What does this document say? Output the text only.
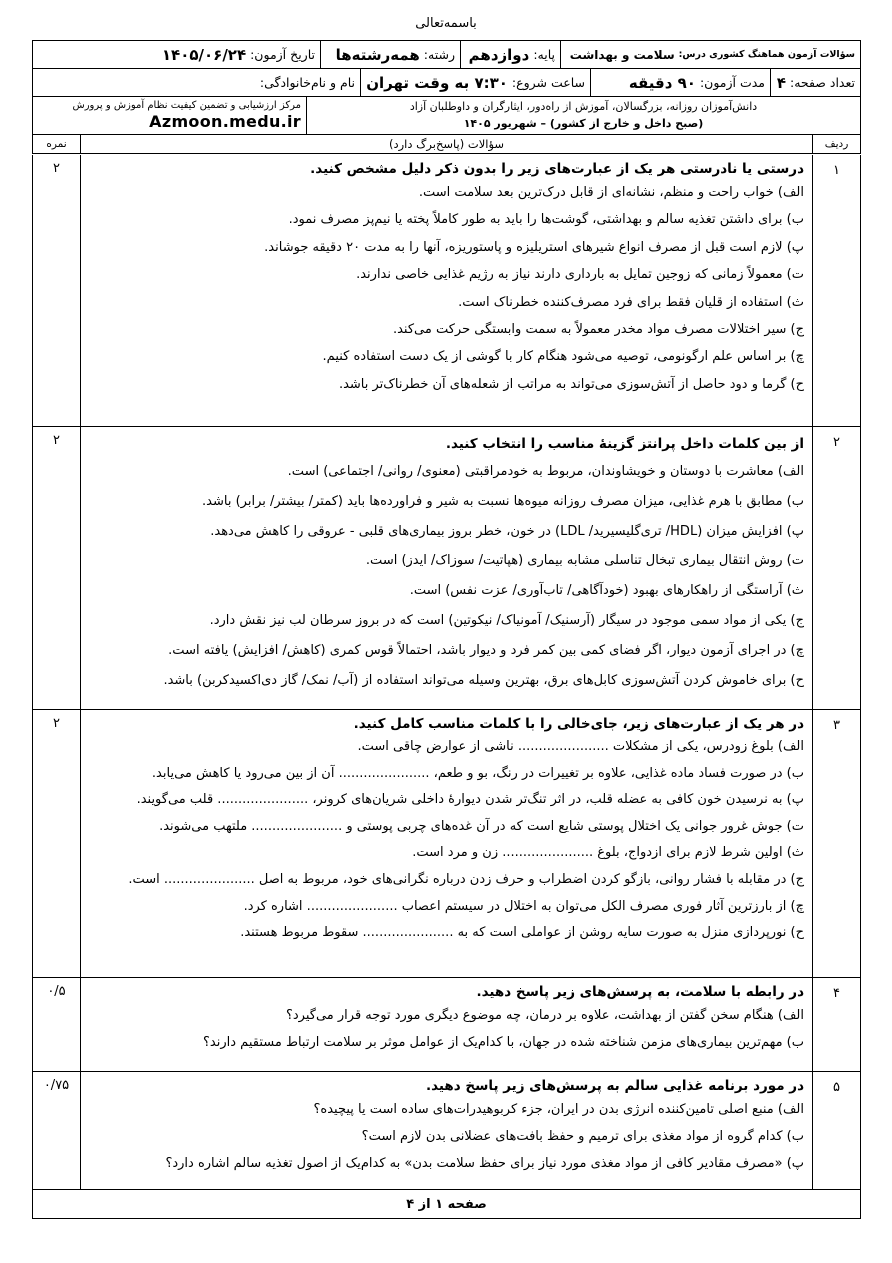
باسمه‌تعالی
سؤالات آزمون هماهنگ کشوری درس:

سلامت و بهداشت
پایه:

دوازدهم
رشته:

همه‌رشته‌ها
تاریخ آزمون:

۱۴۰۵/۰۶/۲۴
تعداد صفحه:

۴
مدت آزمون:

۹۰ دقیقه
ساعت شروع:

۷:۳۰ به وقت تهران
نام و نام‌خانوادگی:
دانش‌آموزان روزانه، بزرگسالان، آموزش از راه‌دور، ایثارگران و داوطلبان آزاد
(صبح داخل و خارج از کشور) – شهریور ۱۴۰۵
مرکز ارزشیابی و تضمین کیفیت نظام آموزش و پرورش
Azmoon.medu.ir
ردیف
سؤالات (پاسخ‌برگ دارد)
نمره
۱
درستی یا نادرستی هر یک از عبارت‌های زیر را بدون ذکر دلیل مشخص کنید.
الف) خواب راحت و منظم، نشانه‌ای از قابل درک‌ترین بعد سلامت است.
ب) برای داشتن تغذیه سالم و بهداشتی، گوشت‌ها را باید به طور کاملاً پخته یا نیم‌پز مصرف نمود.
پ) لازم است قبل از مصرف انواع شیرهای استریلیزه و پاستوریزه، آنها را به مدت ۲۰ دقیقه جوشاند.
ت) معمولاً زمانی که زوجین تمایل به بارداری دارند نیاز به رژیم غذایی خاصی ندارند.
ث) استفاده از قلیان فقط برای فرد مصرف‌کننده خطرناک است.
ج) سیر اختلالات مصرف مواد مخدر معمولاً به سمت وابستگی حرکت می‌کند.
چ) بر اساس علم ارگونومی، توصیه می‌شود هنگام کار با گوشی از یک دست استفاده کنیم.
ح) گرما و دود حاصل از آتش‌سوزی می‌تواند به مراتب از شعله‌های آن خطرناک‌تر باشد.
۲
۲
از بین کلمات داخل پرانتز گزینهٔ مناسب را انتخاب کنید.
الف) معاشرت با دوستان و خویشاوندان، مربوط به خودمراقبتی (معنوی/ روانی/ اجتماعی) است.
ب) مطابق با هرم غذایی، میزان مصرف روزانه میوه‌ها نسبت به شیر و فراورده‌ها باید (کمتر/ بیشتر/ برابر) باشد.
پ) افزایش میزان (HDL/ تری‌گلیسیرید/ LDL) در خون، خطر بروز بیماری‌های قلبی - عروقی را کاهش می‌دهد.
ت) روش انتقال بیماری تبخال تناسلی مشابه بیماری (هپاتیت/ سوزاک/ ایدز) است.
ث) آراستگی از راهکارهای بهبود (خودآگاهی/ تاب‌آوری/ عزت نفس) است.
ج) یکی از مواد سمی موجود در سیگار (آرسنیک/ آمونیاک/ نیکوتین) است که در بروز سرطان لب نیز نقش دارد.
چ) در اجرای آزمون دیوار، اگر فضای کمی بین کمر فرد و دیوار باشد، احتمالاً قوس کمری (کاهش/ افزایش) یافته است.
ح) برای خاموش کردن آتش‌سوزی کابل‌های برق، بهترین وسیله می‌تواند استفاده از (آب/ نمک/ گاز دی‌اکسیدکربن) باشد.
۲
۳
در هر یک از عبارت‌های زیر، جای‌خالی را با کلمات مناسب کامل کنید.
الف) بلوغ زودرس، یکی از مشکلات ...................... ناشی از عوارض چاقی است.
ب) در صورت فساد ماده غذایی، علاوه بر تغییرات در رنگ، بو و طعم، ...................... آن از بین می‌رود یا کاهش می‌یابد.
پ) به نرسیدن خون کافی به عضله قلب، در اثر تنگ‌تر شدن دیوارهٔ داخلی شریان‌های کرونر، ...................... قلب می‌گویند.
ت) جوش غرور جوانی یک اختلال پوستی شایع است که در آن غده‌های چربی پوستی و ...................... ملتهب می‌شوند.
ث) اولین شرط لازم برای ازدواج، بلوغ ...................... زن و مرد است.
ج) در مقابله با فشار روانی، بازگو کردن اضطراب و حرف زدن درباره نگرانی‌های خود، مربوط به اصل ...................... است.
چ) از بارزترین آثار فوری مصرف الکل می‌توان به اختلال در سیستم اعصاب ...................... اشاره کرد.
ح) نورپردازی منزل به صورت سایه روشن از عواملی است که به ...................... سقوط مربوط هستند.
۲
۴
در رابطه با سلامت، به پرسش‌های زیر پاسخ دهید.
الف) هنگام سخن گفتن از بهداشت، علاوه بر درمان، چه موضوع دیگری مورد توجه قرار می‌گیرد؟
ب) مهم‌ترین بیماری‌های مزمن شناخته شده در جهان، با کدام‌یک از عوامل موثر بر سلامت ارتباط مستقیم دارند؟
۰/۵
۵
در مورد برنامه غذایی سالم به پرسش‌های زیر پاسخ دهید.
الف) منبع اصلی تامین‌کننده انرژی بدن در ایران، جزء کربوهیدرات‌های ساده است یا پیچیده؟
ب) کدام گروه از مواد مغذی برای ترمیم و حفظ بافت‌های عضلانی بدن لازم است؟
پ) «مصرف مقادیر کافی از مواد مغذی مورد نیاز برای حفظ سلامت بدن» به کدام‌یک از اصول تغذیه سالم اشاره دارد؟
۰/۷۵
صفحه ۱ از ۴
